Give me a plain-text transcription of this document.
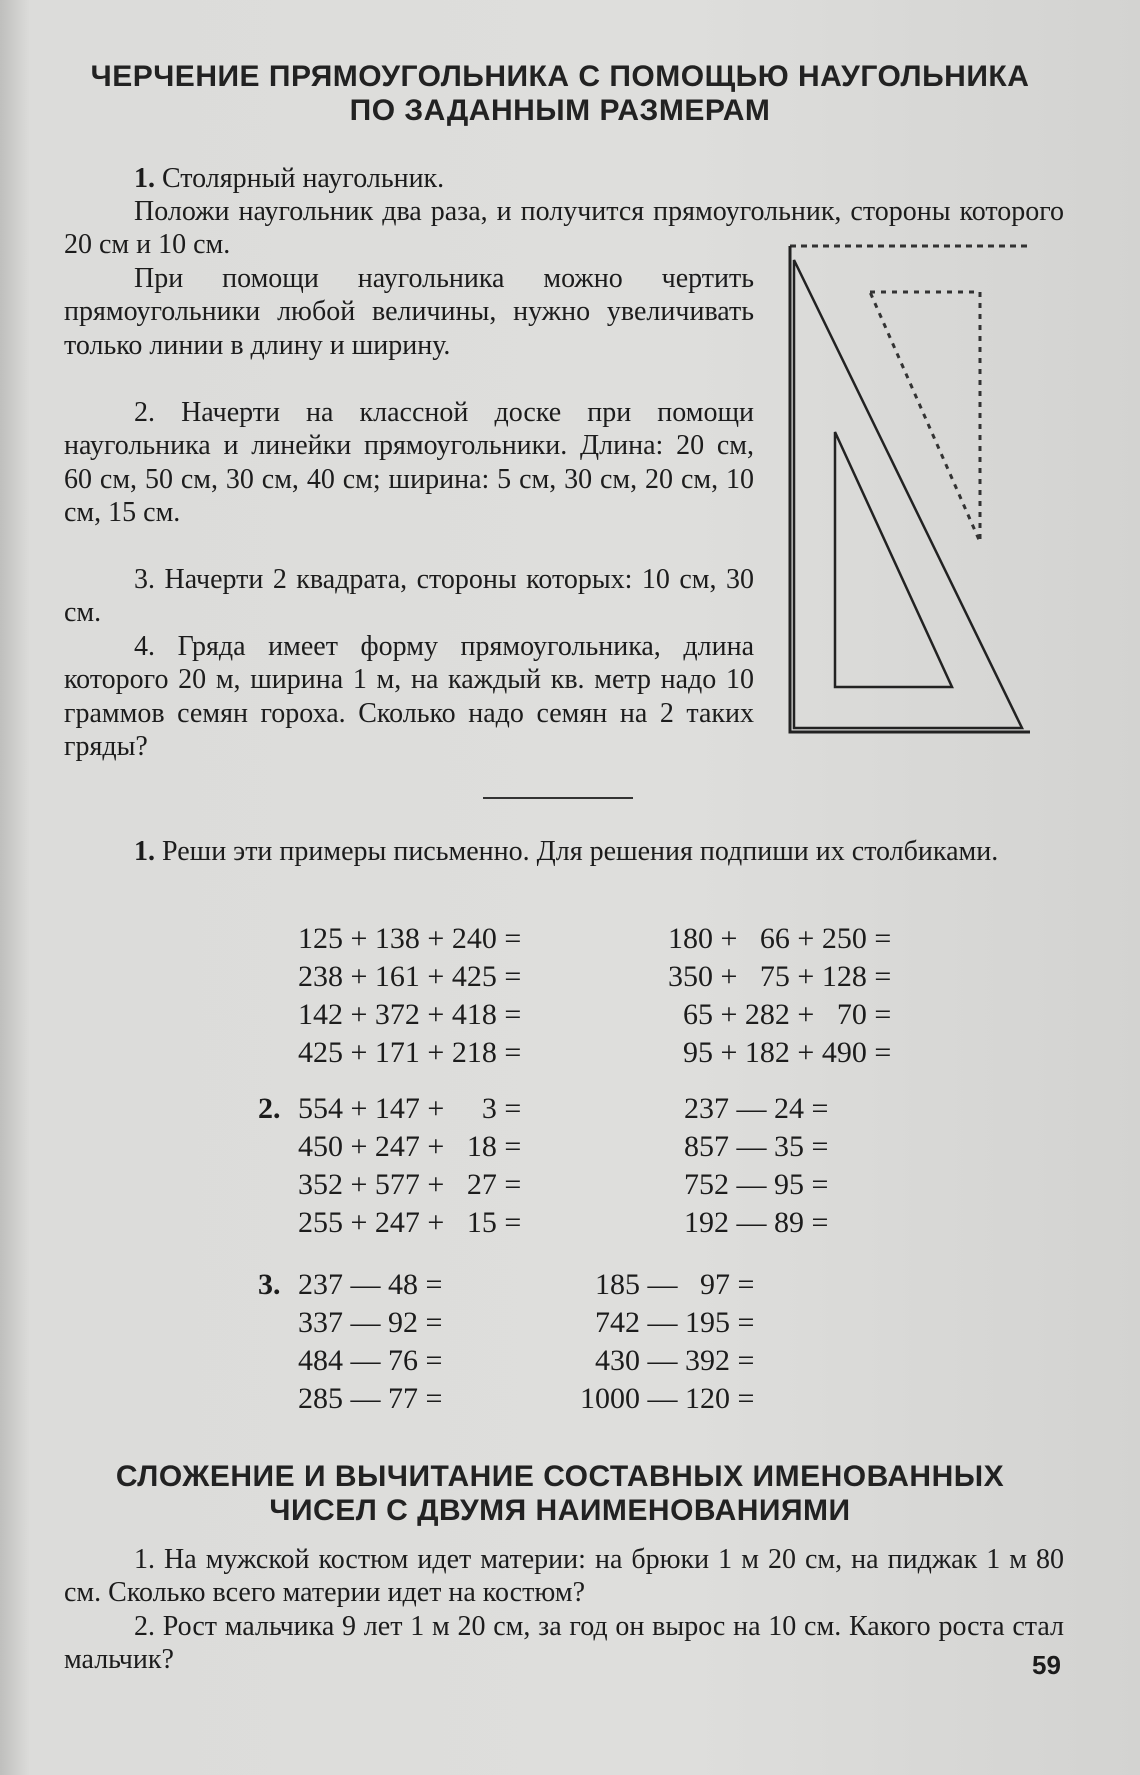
ЧЕРЧЕНИЕ ПРЯМОУГОЛЬНИКА С ПОМОЩЬЮ НАУГОЛЬНИКА
ПО ЗАДАННЫМ РАЗМЕРАМ

1. Столярный наугольник.

Положи наугольник два раза, и получится прямоугольник, стороны которого 20 см и 10 см.

При помощи наугольника можно чертить прямоугольники любой величины, нужно увеличивать только линии в длину и ширину.

2. Начерти на классной доске при помощи наугольника и линейки прямоугольники. Длина: 20 см, 60 см, 50 см, 30 см, 40 см; ширина: 5 см, 30 см, 20 см, 10 см, 15 см.

3. Начерти 2 квадрата, стороны которых: 10 см, 30 см.

4. Гряда имеет форму прямоугольника, длина которого 20 м, ширина 1 м, на каждый кв. метр надо 10 граммов семян гороха. Сколько надо семян на 2 таких гряды?

1. Реши эти примеры письменно. Для решения подпиши их столбиками.

125 + 138 + 240 =
238 + 161 + 425 =
142 + 372 + 418 =
425 + 171 + 218 =
180 +   66 + 250 =
350 +   75 + 128 =
65 + 282 +   70 =
95 + 182 + 490 =
2. 554 + 147 +     3 =
450 + 247 +   18 =
352 + 577 +   27 =
255 + 247 +   15 =
237 — 24 =
857 — 35 =
752 — 95 =
192 — 89 =
3. 237 — 48 =
337 — 92 =
484 — 76 =
285 — 77 =
185 —   97 =
742 — 195 =
430 — 392 =
1000 — 120 =
СЛОЖЕНИЕ И ВЫЧИТАНИЕ СОСТАВНЫХ ИМЕНОВАННЫХ
ЧИСЕЛ С ДВУМЯ НАИМЕНОВАНИЯМИ

1. На мужской костюм идет материи: на брюки 1 м 20 см, на пиджак 1 м 80 см. Сколько всего материи идет на костюм?

2. Рост мальчика 9 лет 1 м 20 см, за год он вырос на 10 см. Какого роста стал мальчик?	59
